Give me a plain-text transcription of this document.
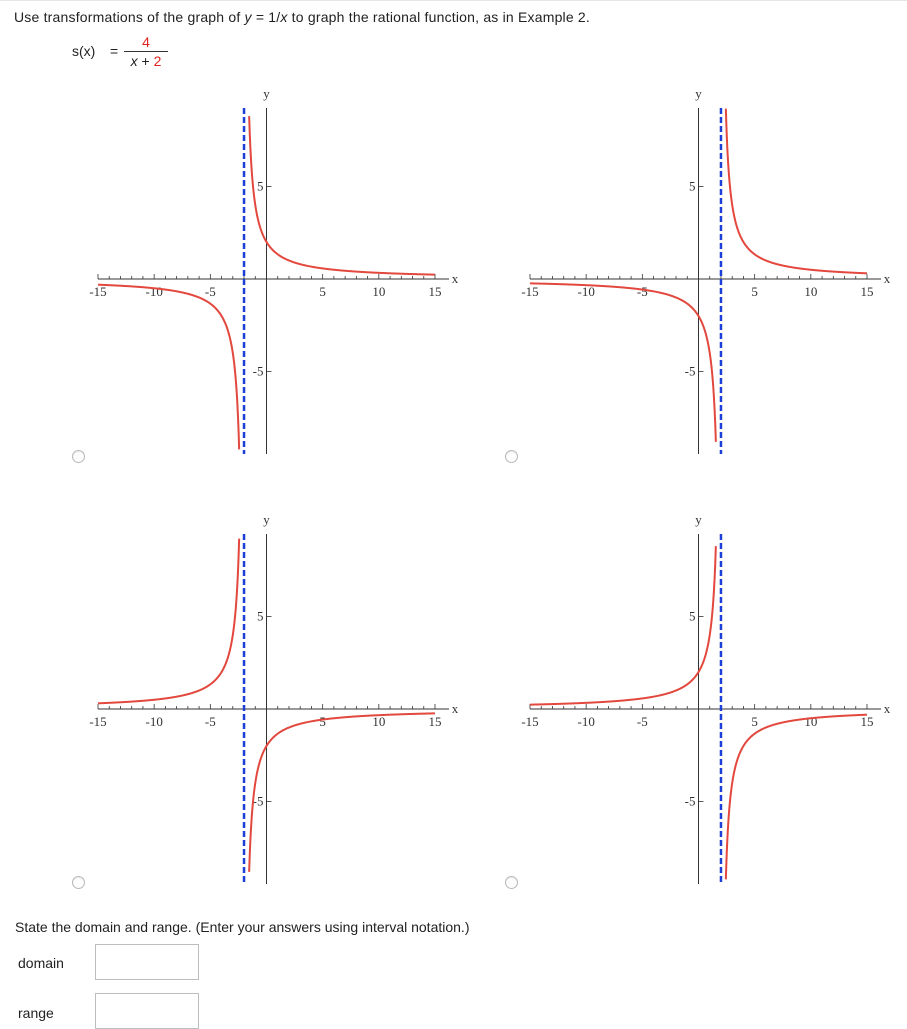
Use transformations of the graph of y = 1/x to graph the rational function, as in Example 2.
s(x) =
4
x + 2
-15	-10	-5	5	10	15
5
-5
x
y
-15	-10	-5	5	10	15
5
-5
x
y
-15	-10	-5	5	10	15
5
-5
x
y
-15	-10	-5	5	10	15
5
-5
x
y
State the domain and range. (Enter your answers using interval notation.)
domain
range
